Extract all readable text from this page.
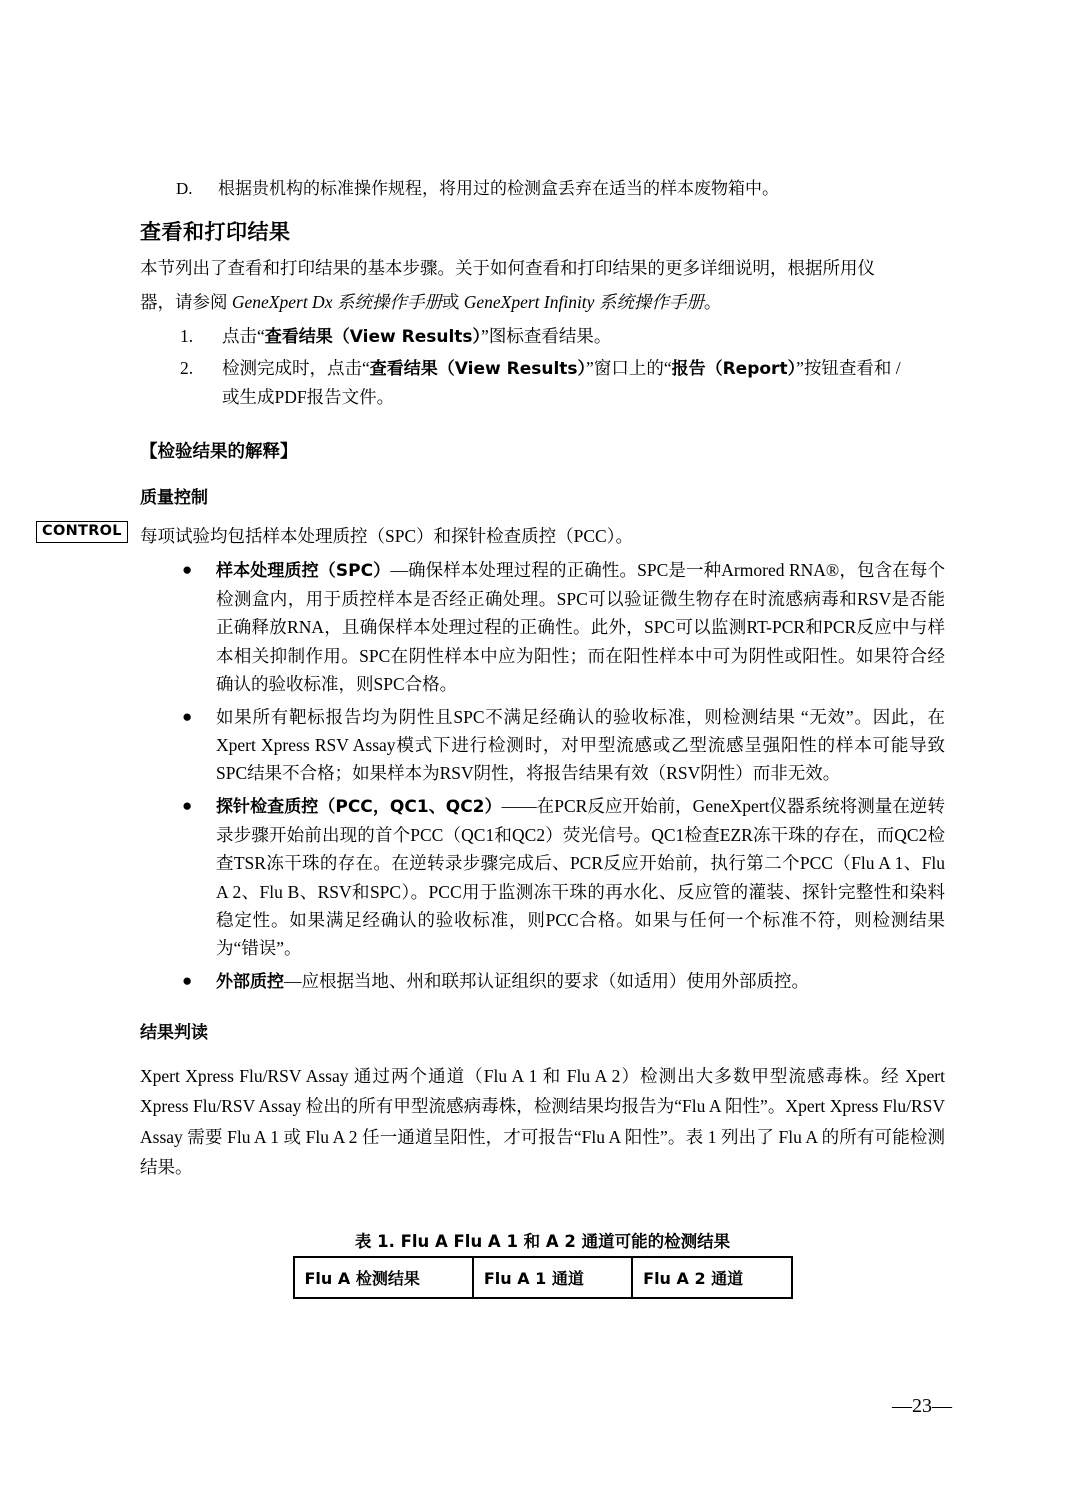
D. 根据贵机构的标准操作规程，将用过的检测盒丢弃在适当的样本废物箱中。

查看和打印结果

本节列出了查看和打印结果的基本步骤。关于如何查看和打印结果的更多详细说明，根据所用仪

器，请参阅 GeneXpert Dx 系统操作手册或 GeneXpert Infinity 系统操作手册。

1.	点击“查看结果（View Results）”图标查看结果。
2.	检测完成时，点击“查看结果（View Results）”窗口上的“报告（Report）”按钮查看和 /
或生成PDF报告文件。
【检验结果的解释】
质量控制

CONTROL	每项试验均包括样本处理质控（SPC）和探针检查质控（PCC）。

● 样本处理质控（SPC）—确保样本处理过程的正确性。SPC是一种Armored RNA®，包含在每个检测盒内，用于质控样本是否经正确处理。SPC可以验证微生物存在时流感病毒和RSV是否能正确释放RNA，且确保样本处理过程的正确性。此外，SPC可以监测RT-PCR和PCR反应中与样本相关抑制作用。SPC在阴性样本中应为阳性；而在阳性样本中可为阴性或阳性。如果符合经确认的验收标准，则SPC合格。
● 如果所有靶标报告均为阴性且SPC不满足经确认的验收标准，则检测结果 “无效”。因此，在Xpert Xpress RSV Assay模式下进行检测时，对甲型流感或乙型流感呈强阳性的样本可能导致SPC结果不合格；如果样本为RSV阴性，将报告结果有效（RSV阴性）而非无效。
● 探针检查质控（PCC，QC1、QC2）——在PCR反应开始前，GeneXpert仪器系统将测量在逆转录步骤开始前出现的首个PCC（QC1和QC2）荧光信号。QC1检查EZR冻干珠的存在，而QC2检查TSR冻干珠的存在。在逆转录步骤完成后、PCR反应开始前，执行第二个PCC（Flu A 1、Flu A 2、Flu B、RSV和SPC）。PCC用于监测冻干珠的再水化、反应管的灌装、探针完整性和染料稳定性。如果满足经确认的验收标准，则PCC合格。如果与任何一个标准不符，则检测结果为“错误”。
● 外部质控—应根据当地、州和联邦认证组织的要求（如适用）使用外部质控。
结果判读

Xpert Xpress Flu/RSV Assay 通过两个通道（Flu A 1 和 Flu A 2）检测出大多数甲型流感毒株。经 Xpert Xpress Flu/RSV Assay 检出的所有甲型流感病毒株，检测结果均报告为“Flu A 阳性”。Xpert Xpress Flu/RSV Assay 需要 Flu A 1 或 Flu A 2 任一通道呈阳性，才可报告“Flu A 阳性”。表 1 列出了 Flu A 的所有可能检测结果。

表 1. Flu A Flu A 1 和 A 2 通道可能的检测结果
Flu A 检测结果	Flu A 1 通道	Flu A 2 通道
—23—
